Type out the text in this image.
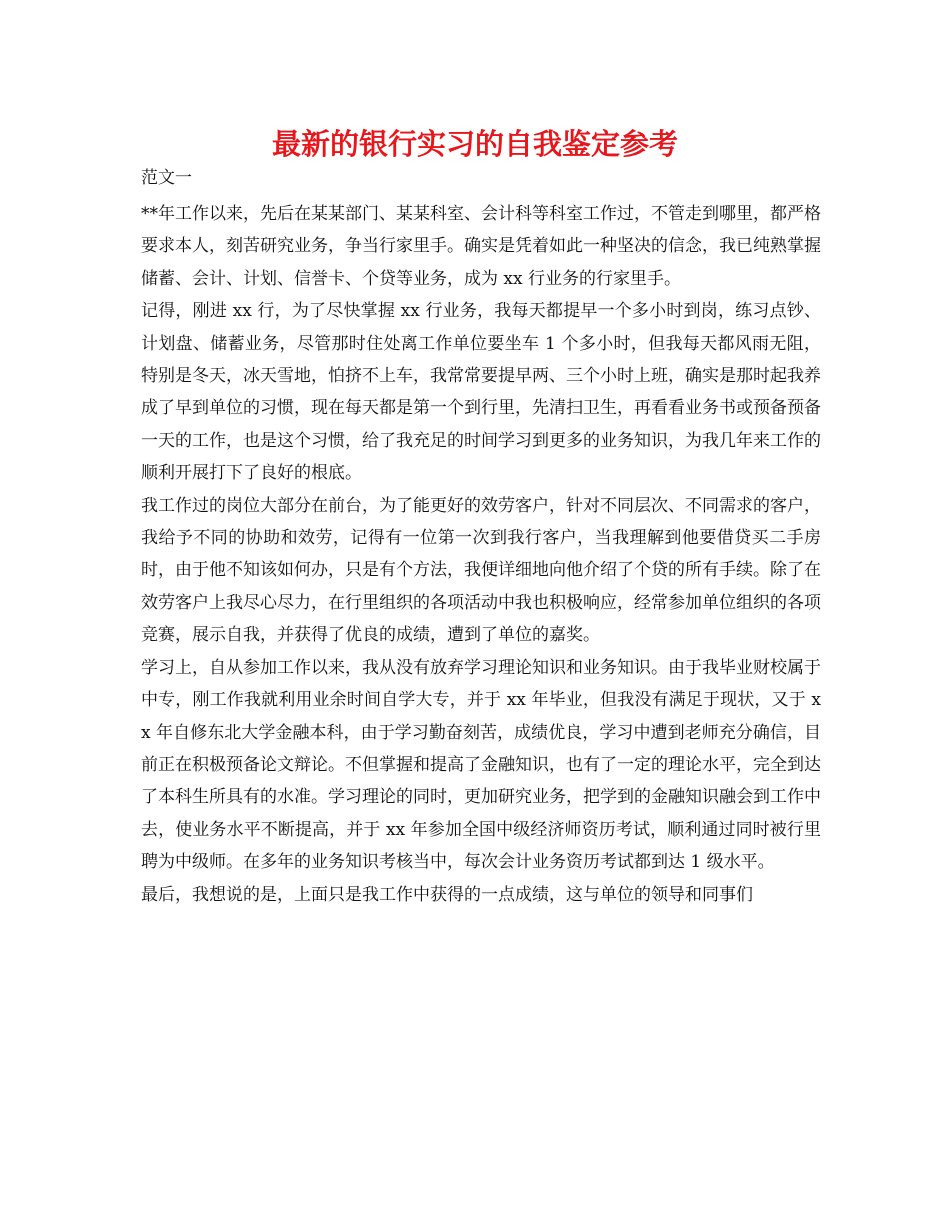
最新的银行实习的自我鉴定参考

范文一

**年工作以来，先后在某某部门、某某科室、会计科等科室工作过，不管走到哪里，都严格要求本人，刻苦研究业务，争当行家里手。确实是凭着如此一种坚决的信念，我已纯熟掌握储蓄、会计、计划、信誉卡、个贷等业务，成为 xx 行业务的行家里手。

记得，刚进 xx 行，为了尽快掌握 xx 行业务，我每天都提早一个多小时到岗，练习点钞、计划盘、储蓄业务，尽管那时住处离工作单位要坐车 1 个多小时，但我每天都风雨无阻，特别是冬天，冰天雪地，怕挤不上车，我常常要提早两、三个小时上班，确实是那时起我养成了早到单位的习惯，现在每天都是第一个到行里，先清扫卫生，再看看业务书或预备预备一天的工作，也是这个习惯，给了我充足的时间学习到更多的业务知识，为我几年来工作的顺利开展打下了良好的根底。

我工作过的岗位大部分在前台，为了能更好的效劳客户，针对不同层次、不同需求的客户，我给予不同的协助和效劳，记得有一位第一次到我行客户，当我理解到他要借贷买二手房时，由于他不知该如何办，只是有个方法，我便详细地向他介绍了个贷的所有手续。除了在效劳客户上我尽心尽力，在行里组织的各项活动中我也积极响应，经常参加单位组织的各项竞赛，展示自我，并获得了优良的成绩，遭到了单位的嘉奖。

学习上，自从参加工作以来，我从没有放弃学习理论知识和业务知识。由于我毕业财校属于中专，刚工作我就利用业余时间自学大专，并于 xx 年毕业，但我没有满足于现状，又于 xx 年自修东北大学金融本科，由于学习勤奋刻苦，成绩优良，学习中遭到老师充分确信，目前正在积极预备论文辩论。不但掌握和提高了金融知识，也有了一定的理论水平，完全到达了本科生所具有的水准。学习理论的同时，更加研究业务，把学到的金融知识融会到工作中去，使业务水平不断提高，并于 xx 年参加全国中级经济师资历考试，顺利通过同时被行里聘为中级师。在多年的业务知识考核当中，每次会计业务资历考试都到达 1 级水平。

最后，我想说的是，上面只是我工作中获得的一点成绩，这与单位的领导和同事们
